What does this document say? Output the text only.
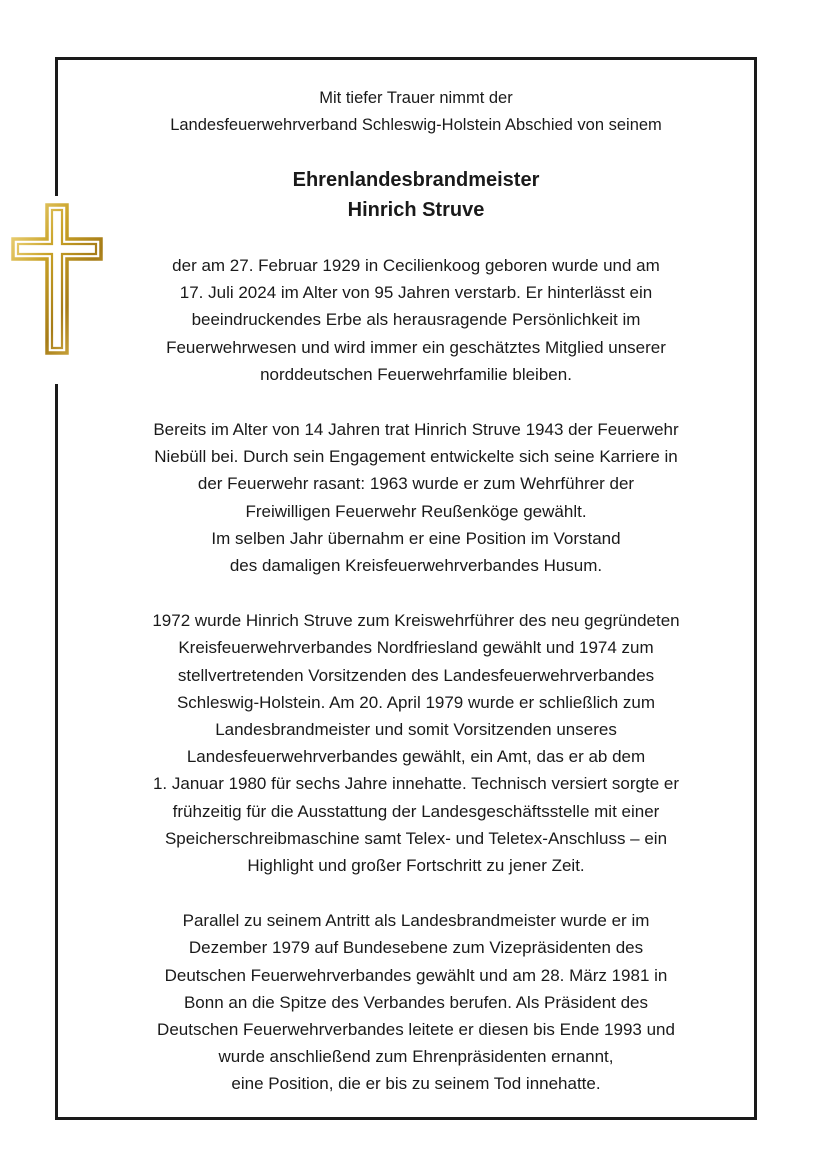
Mit tiefer Trauer nimmt der
Landesfeuerwehrverband Schleswig-Holstein Abschied von seinem

Ehrenlandesbrandmeister
Hinrich Struve

der am 27. Februar 1929 in Cecilienkoog geboren wurde und am
17. Juli 2024 im Alter von 95 Jahren verstarb. Er hinterlässt ein
beeindruckendes Erbe als herausragende Persönlichkeit im
Feuerwehrwesen und wird immer ein geschätztes Mitglied unserer
norddeutschen Feuerwehrfamilie bleiben.

Bereits im Alter von 14 Jahren trat Hinrich Struve 1943 der Feuerwehr
Niebüll bei. Durch sein Engagement entwickelte sich seine Karriere in
der Feuerwehr rasant: 1963 wurde er zum Wehrführer der
Freiwilligen Feuerwehr Reußenköge gewählt.
Im selben Jahr übernahm er eine Position im Vorstand
des damaligen Kreisfeuerwehrverbandes Husum.

1972 wurde Hinrich Struve zum Kreiswehrführer des neu gegründeten
Kreisfeuerwehrverbandes Nordfriesland gewählt und 1974 zum
stellvertretenden Vorsitzenden des Landesfeuerwehrverbandes
Schleswig-Holstein. Am 20. April 1979 wurde er schließlich zum
Landesbrandmeister und somit Vorsitzenden unseres
Landesfeuerwehrverbandes gewählt, ein Amt, das er ab dem
1. Januar 1980 für sechs Jahre innehatte. Technisch versiert sorgte er
frühzeitig für die Ausstattung der Landesgeschäftsstelle mit einer
Speicherschreibmaschine samt Telex- und Teletex-Anschluss – ein
Highlight und großer Fortschritt zu jener Zeit.

Parallel zu seinem Antritt als Landesbrandmeister wurde er im
Dezember 1979 auf Bundesebene zum Vizepräsidenten des
Deutschen Feuerwehrverbandes gewählt und am 28. März 1981 in
Bonn an die Spitze des Verbandes berufen. Als Präsident des
Deutschen Feuerwehrverbandes leitete er diesen bis Ende 1993 und
wurde anschließend zum Ehrenpräsidenten ernannt,
eine Position, die er bis zu seinem Tod innehatte.
